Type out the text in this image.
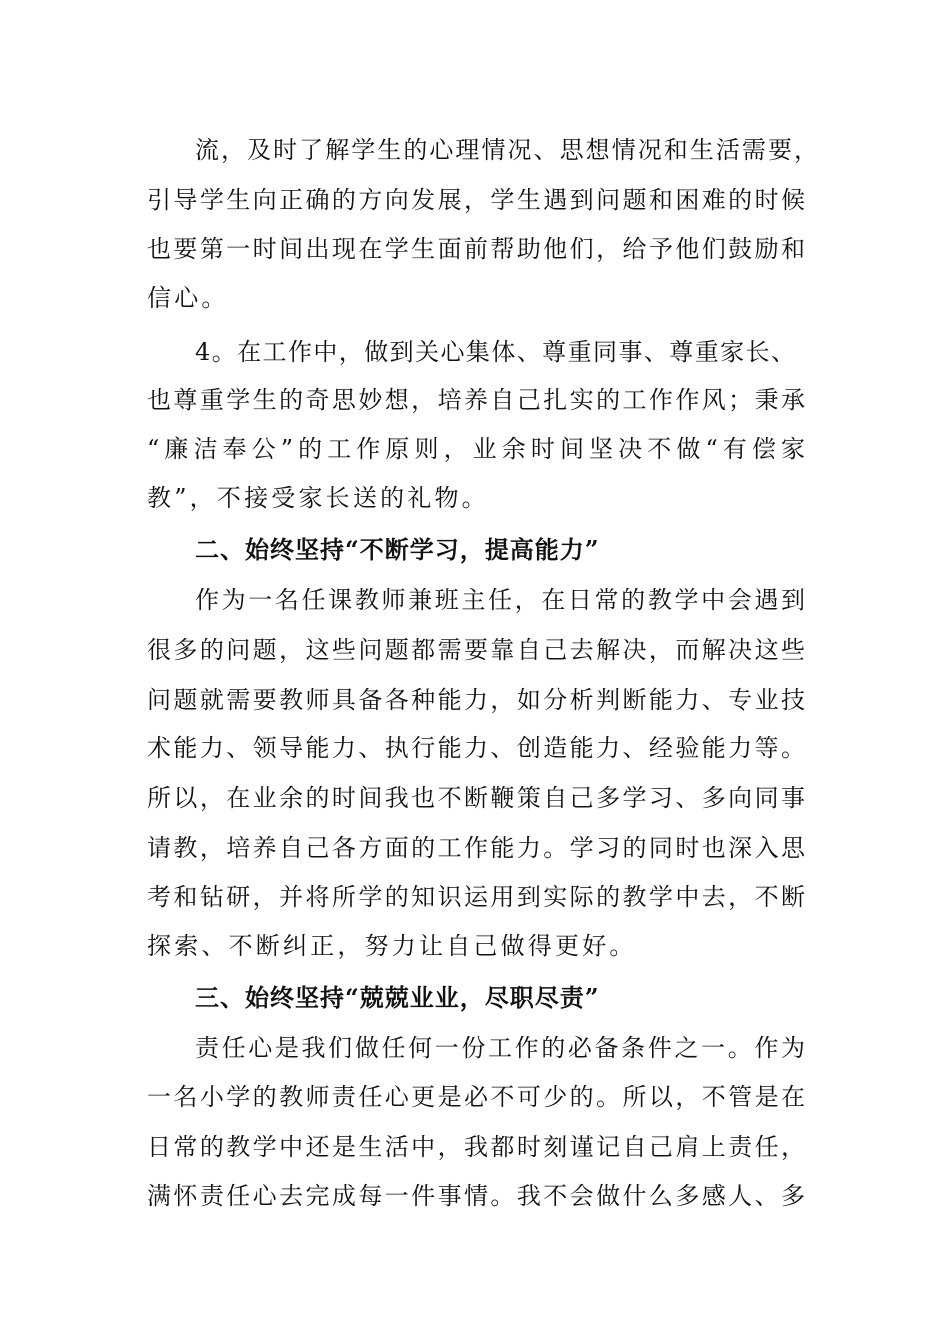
流，及时了解学生的心理情况、思想情况和生活需要，
引导学生向正确的方向发展，学生遇到问题和困难的时候
也要第一时间出现在学生面前帮助他们，给予他们鼓励和
信心。
4。在工作中，做到关心集体、尊重同事、尊重家长、
也尊重学生的奇思妙想，培养自己扎实的工作作风；秉承
“廉洁奉公”的工作原则，业余时间坚决不做“有偿家
教”，不接受家长送的礼物。
二、始终坚持“不断学习，提高能力”
作为一名任课教师兼班主任，在日常的教学中会遇到
很多的问题，这些问题都需要靠自己去解决，而解决这些
问题就需要教师具备各种能力，如分析判断能力、专业技
术能力、领导能力、执行能力、创造能力、经验能力等。
所以，在业余的时间我也不断鞭策自己多学习、多向同事
请教，培养自己各方面的工作能力。学习的同时也深入思
考和钻研，并将所学的知识运用到实际的教学中去，不断
探索、不断纠正，努力让自己做得更好。
三、始终坚持“兢兢业业，尽职尽责”
责任心是我们做任何一份工作的必备条件之一。作为
一名小学的教师责任心更是必不可少的。所以，不管是在
日常的教学中还是生活中，我都时刻谨记自己肩上责任，
满怀责任心去完成每一件事情。我不会做什么多感人、多
